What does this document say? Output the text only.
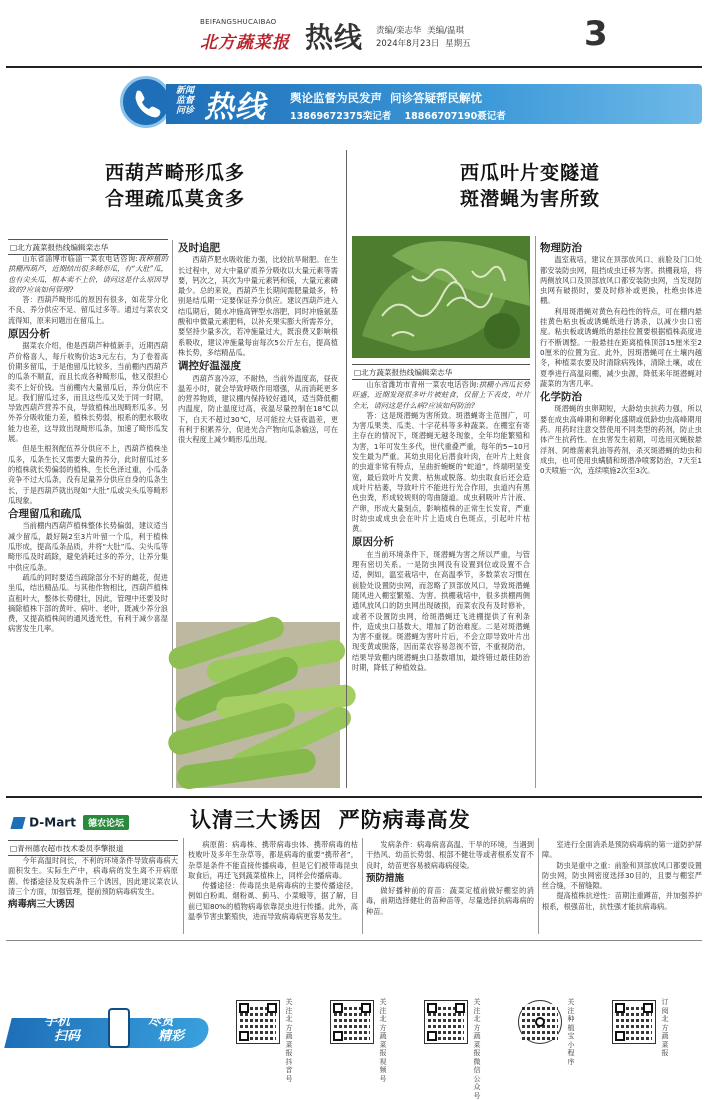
BEIFANGSHUCAIBAO
北方蔬菜报 热线 责编/栾志华 美编/温琪
2024年8月23日 星期五	3
新闻
监督
问诊 热线 舆论监督为民发声  问诊答疑帮民解忧
13869672375栾记者 18866707190聂记者
西葫芦畸形瓜多
合理疏瓜莫贪多
□北方蔬菜报热线编辑栾志华

山东省淄博市临淄一菜农电话咨询:我种植的拱棚西葫芦，近期结出很多畸形瓜，有“大肚”瓜，也有尖头瓜，根本卖不上价，请问这是什么原因导致的?应该如何管理?

答：西葫芦畸形瓜的原因有很多，如花芽分化不良、养分供应不足、留瓜过多等。通过与菜农交流得知，原来问题出在留瓜上。

原因分析

据菜农介绍，他是西葫芦种植新手，近期西葫芦价格喜人，每斤收购价达3元左右，为了卷着高价期多留瓜，于是他留瓜比较多，当前棚内西葫芦的瓜条不顺直，而且长成各种畸形瓜，他又很担心卖不上好价钱。当前棚内大量留瓜后，养分供应不足。我们留瓜过多，而且这些瓜又处于同一时期，导致西葫芦营养不良，导致植株出现畸形瓜多。另外养分吸收能力差，植株长势弱，根系的肥水吸收能力也差，这导致出现畸形瓜条，加速了畸形瓜发展。

但是生根剂配伍养分供应不上，西葫芦植株坐瓜多，瓜条生长又需要大量的养分，此时留瓜过多的植株就长势偏弱的植株，生长色泽过重，小瓜条竞争不过大瓜条，没有足量养分供应自身的瓜条生长，于是西葫芦就出现如“大肚”瓜或尖头瓜等畸形瓜现象。

合理留瓜和疏瓜

当前棚内西葫芦植株整体长势偏弱，建议适当减少留瓜，最好隔2至3片叶留一个瓜，利于植株瓜形成，提高瓜条品质，并将“大肚”瓜、尖头瓜等畸形瓜及时疏除，避免消耗过多的养分，让养分集中供应瓜条。

疏瓜的同时要适当疏除部分不好的雌花，促进坐瓜，结出精品瓜。与其他作物相比，西葫芦植株直租叶大，整体长势健壮，因此，管理中还要及时摘除植株下部的黄叶、病叶、老叶，既减少养分浪费，又提高植株间的通风透光性，有利于减少喜湿病害发生几率。

及时追肥

西葫芦肥水吸收能力强，比较抗旱耐肥。在生长过程中，对大中量矿质养分吸收以大量元素等需要，钙次之，其次为中量元素钙和镁，大量元素磷最少。总的来说，西葫芦生长期间需肥量最多，特别是结瓜期一定要保证养分供应。建议西葫芦进入结瓜期后，随水冲施高钾型水溶肥，同时冲施氨基酸和中微量元素肥料，以补充果实膨大所需养分，要坚持少量多次，若冲施量过大，既浪费又影响根系吸收，建议冲施量每亩每次5公斤左右，提高植株长势，多结精品瓜。

调控好温湿度

西葫芦喜冷凉，不耐热，当前外温度高，昼夜温差小时，就会导致呼吸作用增强，从而消耗更多的营养物质，建议棚内保持较好通风，适当降低棚内温度，防止温度过高，夜温尽量控制在18℃以下，白天不超过30℃，尽可能拉大昼夜温差，更有利于积累养分，促进光合产物向瓜条输送，可在很大程度上减少畸形瓜出现。

西瓜叶片变隧道
斑潜蝇为害所致
□北方蔬菜报热线编辑栾志华

山东省潍坊市青州一菜农电话咨询:拱棚小西瓜长势旺盛，近期发现很多叶片被蛀食，仅留上下表皮，叶片全无，请问这是什么病?应该如何防治?

答：这是斑潜蝇为害所致。斑潜蝇寄主范围广，可为害瓜果类、瓜类、十字花科等多种蔬菜。在棚室有寄主存在的情况下，斑潜蝇无越冬现象，全年均能繁殖和为害，1年可发生多代，世代重叠严重，每年的5~10月发生最为严重。其幼虫用化后潜食叶肉，在叶片上蛀食的虫道非常有特点，呈曲折蜿蜒的“蛇道”，终端明显变宽，最后致叶片发黄、枯焦或脱落。幼虫取食后还会造成叶片枯萎，导致叶片不能进行光合作用，虫道内有黑色虫粪，形成较规则的弯曲隧道。成虫刺吸叶片汁液、产卵，形成大量刻点，影响植株的正常生长发育，严重时幼虫或成虫会在叶片上造成白色斑点，引起叶片枯黄。

原因分析

在当前环境条件下，斑潜蝇为害之所以严重，与管理有密切关系。一是防虫网没有设置到位或设置不合适，例如，温室栽培中，在高温季节，多数菜农习惯在前脸处设置防虫网，而忽略了顶部放风口，导致斑潜蝇随风进入棚室繁殖、为害。拱棚栽培中，很多拱棚两侧通风放风口的防虫网出现破损，而菜农没有及时修补，或者不设置防虫网，给斑潜蝇迁飞进棚提供了有利条件，造成虫口基数大，增加了防治难度。二是对斑潜蝇为害不重视。斑潜蝇为害叶片后，不会立即导致叶片出现变黄或脱落，因而菜农容易忽视不管，不重视防治，结果导致棚内斑潜蝇虫口基数增加，最终错过最佳防治时期，降低了种植效益。

物理防治

温室栽培，建议在顶部放风口、前脸及门口处都安装防虫网，阻挡成虫迁移为害。拱棚栽培，将两侧放风口及顶部放风口都安装防虫网，当发现防虫网有破损时，要及时修补或更换，杜绝虫体进棚。

利用斑潜蝇对黄色有趋性的特点，可在棚内悬挂黄色粘虫板或诱蝇纸进行诱杀，以减少虫口密度。粘虫板或诱蝇纸的悬挂位置要根据植株高度进行不断调整。一般悬挂在距离植株顶部15厘米至20厘米的位置为宜。此外，因斑潜蝇可在土壤内越冬，种植菜农要及时清除病残体，清除土壤，或在夏季进行高温闷棚，减少虫源，降低来年斑潜蝇对蔬菜的为害几率。

化学防治

斑潜蝇的虫卵期短，大龄幼虫抗药力强，所以要在成虫高峰期和卵孵化盛期或低龄幼虫高峰期用药。用药时注意交替使用不同类型的药剂，防止虫体产生抗药性。在虫害发生初期，可选用灭蝇胺悬浮剂、阿维菌素乳油等药剂，杀灭斑潜蝇的幼虫和成虫，也可使用虫螨腈和斑潜净喷雾防治，7天至10天喷施一次，连续喷施2次至3次。

D-Mart 德农论坛	认清三大诱因  严防病毒高发
□青州德农超市技术委员李擎报道

今年高温时间长，不利的环境条件导致病毒病大面积发生。实际生产中，病毒病的发生离不开病原菌、传播途径及发病条件三个诱因，因此建议菜农认清三个方面，加强管理，提前预防病毒病发生。

病毒病三大诱因

病原菌：病毒株、携带病毒虫体、携带病毒的枯枝败叶及多年生杂草等，都是病毒的重要“携带者”，杂草是条件不能直接传播病毒，但是它们被带毒昆虫取食后，再迁飞到蔬菜植株上，同样会传播病毒。

传播途径：传毒昆虫是病毒病的主要传播途径，例如白粉虱、烟粉虱、蓟马、小菜蛾等，据了解，目前已知80%的植物病毒依靠昆虫进行传播。此外，高温季节害虫繁殖快，进而导致病毒病更容易发生。

发病条件：病毒病喜高温、干旱的环境，当遇到干热风、幼苗长势弱、根部不健壮等或者根系发育不良时，幼苗更容易被病毒病侵染。

预防措施

做好播种前的育苗：蔬菜定植前做好棚室的消毒，前期选择健壮的苗种苗等，尽量选择抗病毒病的种苗。

室进行全面消杀是预防病毒病的第一道防护屏障。

防虫是重中之重：前脸和顶部放风口都要设置防虫网，防虫网密度选择30目的，且要与棚室严丝合缝，不留缝隙。

提高植株抗逆性：苗期注重蹲苗，并加强养护根系，根强苗壮，抗性强才能抗病毒病。

手机
扫码
尽赏
精彩
关注北方蔬菜报抖音号
关注北方蔬菜报视频号
关注北方蔬菜报微信公众号
关注种植宝小程序
订阅北方蔬菜报
